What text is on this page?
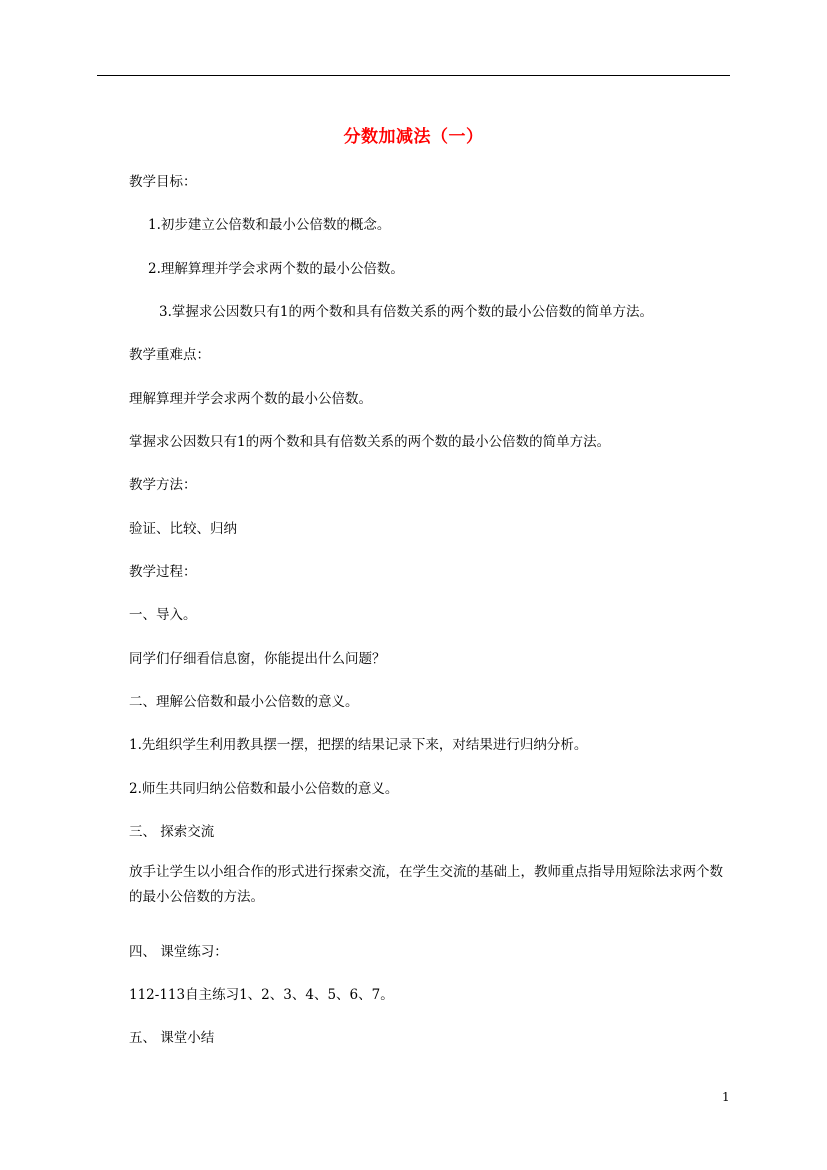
分数加减法（一）
教学目标：
1.初步建立公倍数和最小公倍数的概念。
2.理解算理并学会求两个数的最小公倍数。
3.掌握求公因数只有1的两个数和具有倍数关系的两个数的最小公倍数的简单方法。
教学重难点：
理解算理并学会求两个数的最小公倍数。
掌握求公因数只有1的两个数和具有倍数关系的两个数的最小公倍数的简单方法。
教学方法：
验证、比较、归纳
教学过程：
一、导入。
同学们仔细看信息窗，你能提出什么问题？
二、理解公倍数和最小公倍数的意义。
1.先组织学生利用教具摆一摆，把摆的结果记录下来，对结果进行归纳分析。
2.师生共同归纳公倍数和最小公倍数的意义。
三、 探索交流
放手让学生以小组合作的形式进行探索交流，在学生交流的基础上，教师重点指导用短除法求两个数的最小公倍数的方法。
四、 课堂练习：
112-113自主练习1、2、3、4、5、6、7。
五、 课堂小结
1
